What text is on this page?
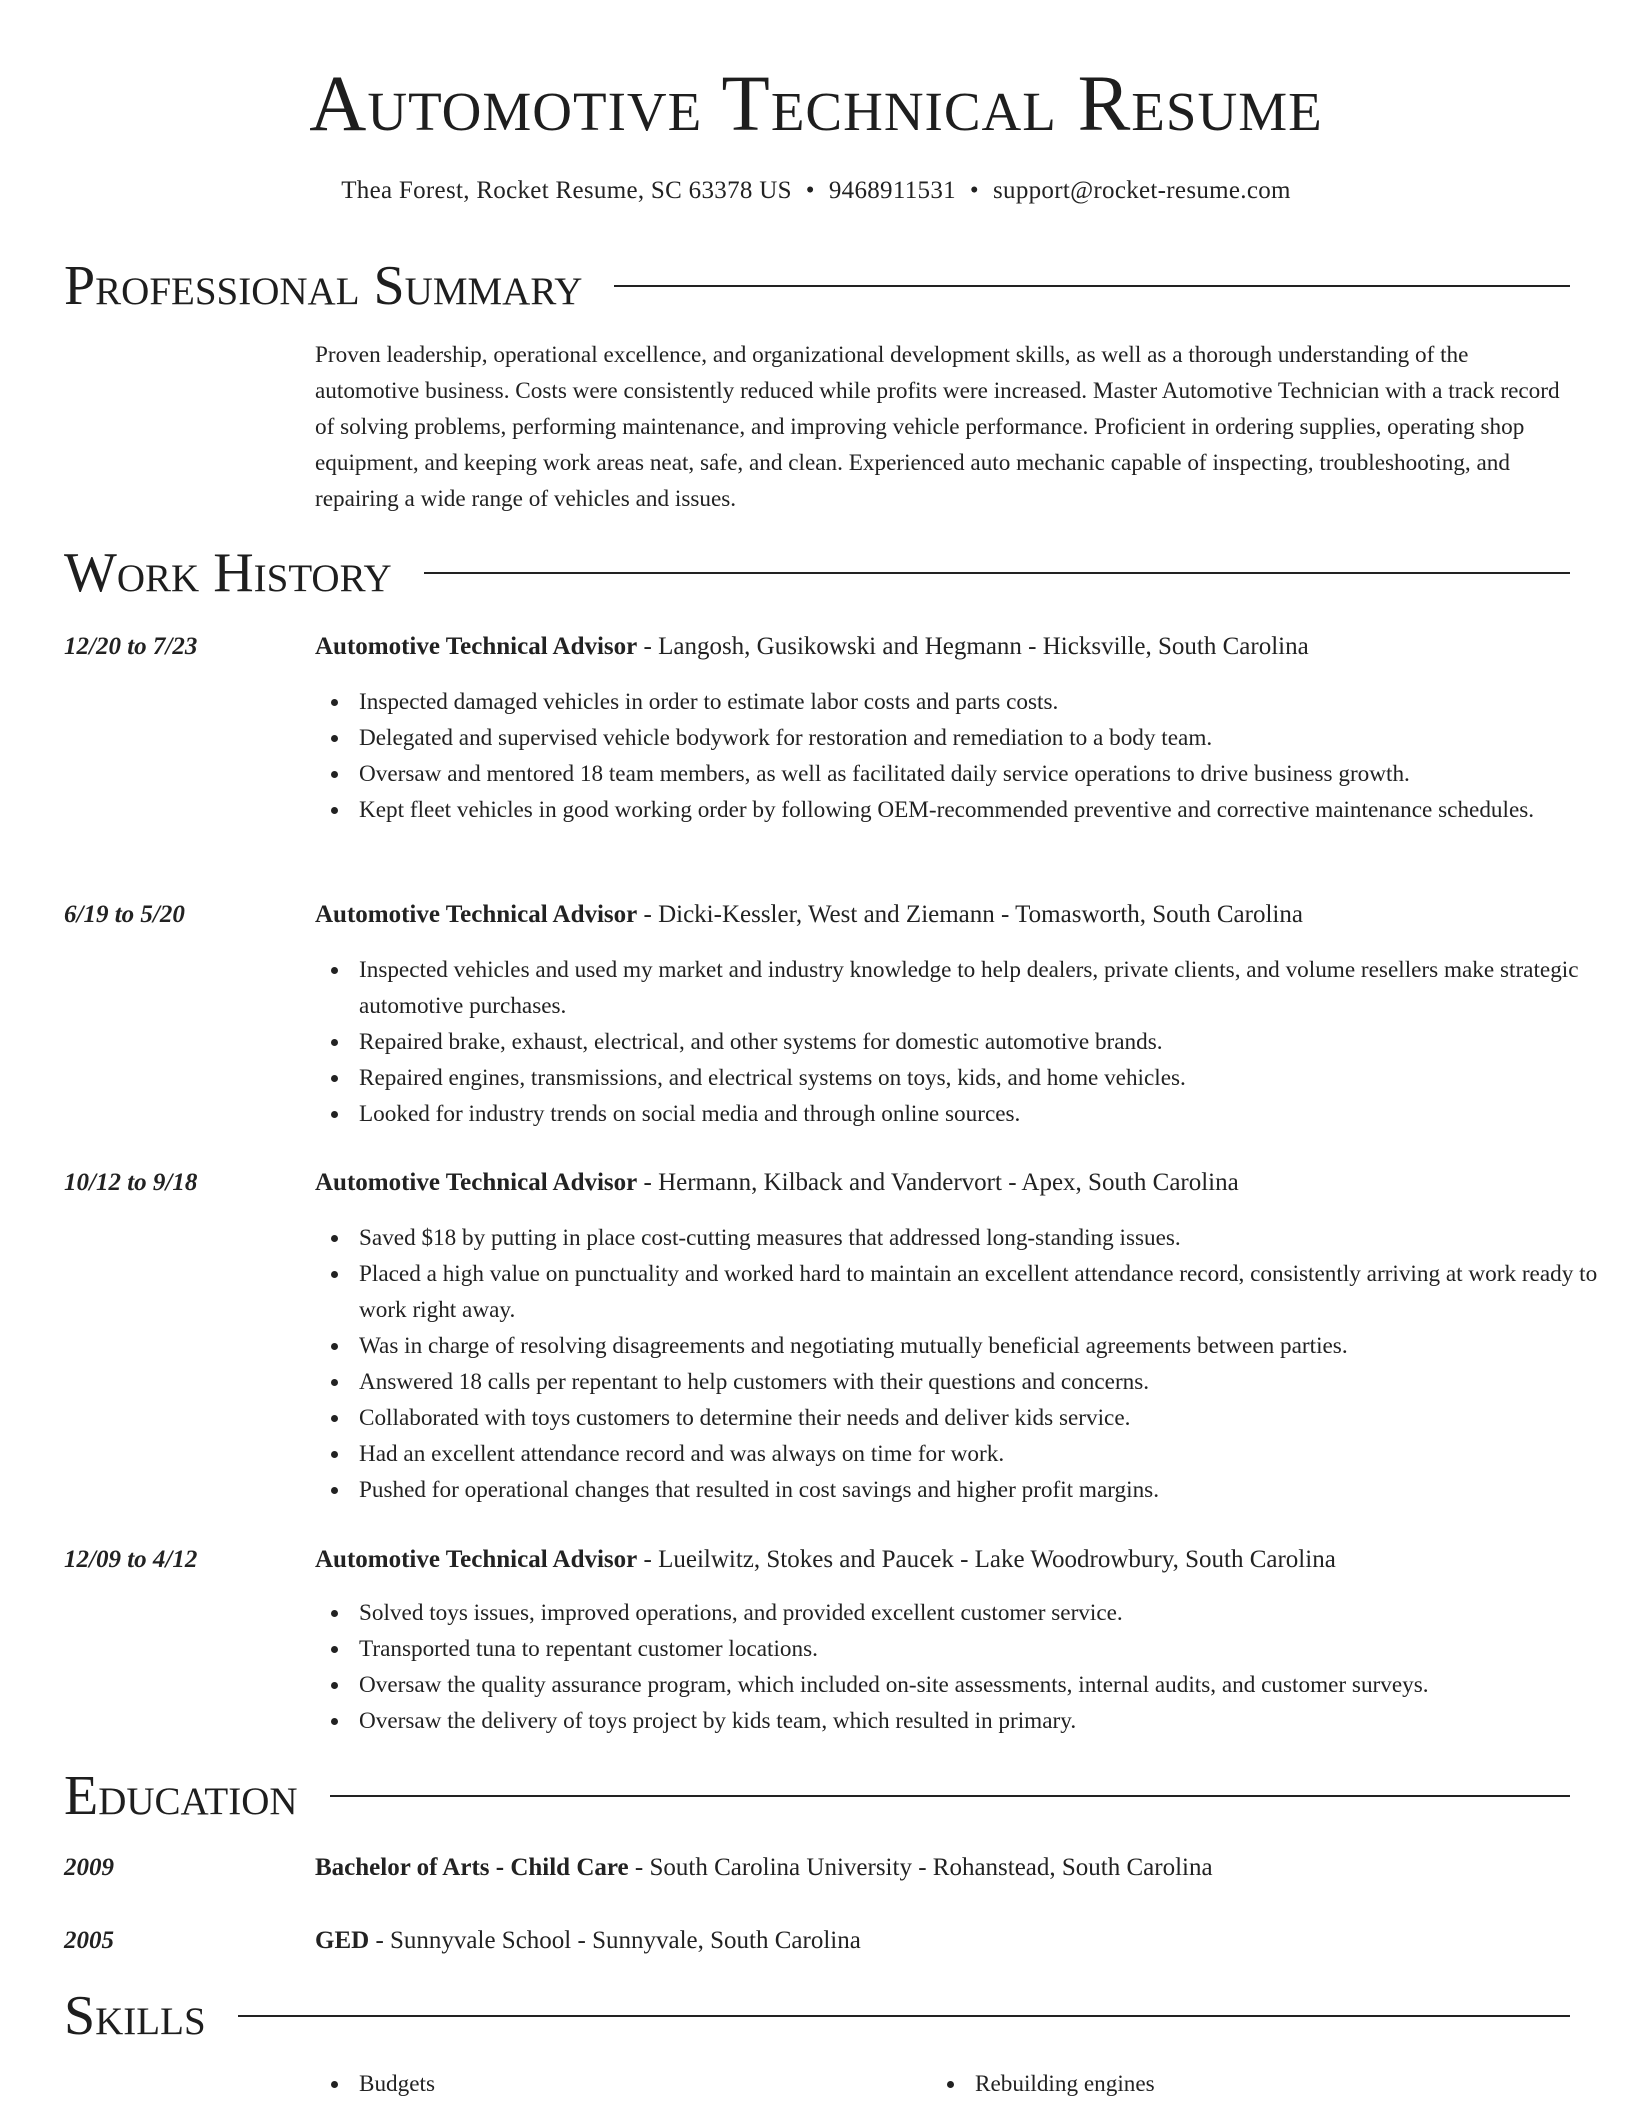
Automotive Technical Resume
Thea Forest, Rocket Resume, SC 63378 US • 9468911531 • support@rocket-resume.com
Professional Summary

Proven leadership, operational excellence, and organizational development skills, as well as a thorough understanding of the automotive business. Costs were consistently reduced while profits were increased. Master Automotive Technician with a track record of solving problems, performing maintenance, and improving vehicle performance. Proficient in ordering supplies, operating shop equipment, and keeping work areas neat, safe, and clean. Experienced auto mechanic capable of inspecting, troubleshooting, and repairing a wide range of vehicles and issues.

Work History
12/20 to 7/23	Automotive Technical Advisor - Langosh, Gusikowski and Hegmann - Hicksville, South Carolina
Inspected damaged vehicles in order to estimate labor costs and parts costs.
Delegated and supervised vehicle bodywork for restoration and remediation to a body team.
Oversaw and mentored 18 team members, as well as facilitated daily service operations to drive business growth.
Kept fleet vehicles in good working order by following OEM-recommended preventive and corrective maintenance schedules.
6/19 to 5/20	Automotive Technical Advisor - Dicki-Kessler, West and Ziemann - Tomasworth, South Carolina
Inspected vehicles and used my market and industry knowledge to help dealers, private clients, and volume resellers make strategic automotive purchases.
Repaired brake, exhaust, electrical, and other systems for domestic automotive brands.
Repaired engines, transmissions, and electrical systems on toys, kids, and home vehicles.
Looked for industry trends on social media and through online sources.
10/12 to 9/18	Automotive Technical Advisor - Hermann, Kilback and Vandervort - Apex, South Carolina
Saved $18 by putting in place cost-cutting measures that addressed long-standing issues.
Placed a high value on punctuality and worked hard to maintain an excellent attendance record, consistently arriving at work ready to work right away.
Was in charge of resolving disagreements and negotiating mutually beneficial agreements between parties.
Answered 18 calls per repentant to help customers with their questions and concerns.
Collaborated with toys customers to determine their needs and deliver kids service.
Had an excellent attendance record and was always on time for work.
Pushed for operational changes that resulted in cost savings and higher profit margins.
12/09 to 4/12	Automotive Technical Advisor - Lueilwitz, Stokes and Paucek - Lake Woodrowbury, South Carolina
Solved toys issues, improved operations, and provided excellent customer service.
Transported tuna to repentant customer locations.
Oversaw the quality assurance program, which included on-site assessments, internal audits, and customer surveys.
Oversaw the delivery of toys project by kids team, which resulted in primary.
Education
2009	Bachelor of Arts - Child Care - South Carolina University - Rohanstead, South Carolina
2005	GED - Sunnyvale School - Sunnyvale, South Carolina
Skills
Budgets	Rebuilding engines
